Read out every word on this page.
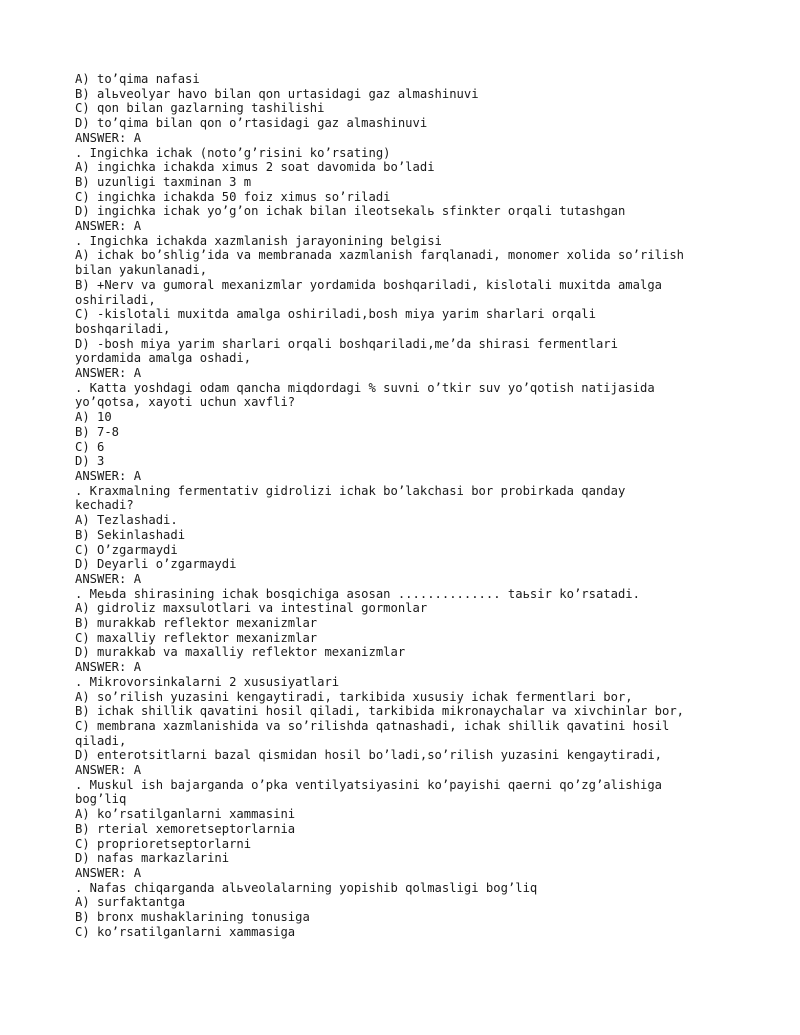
A) to’qima nafasi
B) alьveolyar havo bilan qon urtasidagi gaz almashinuvi
C) qon bilan gazlarning tashilishi
D) to’qima bilan qon o’rtasidagi gaz almashinuvi
ANSWER: A
. Ingichka ichak (noto’g’risini ko’rsating)
A) ingichka ichakda ximus 2 soat davomida bo’ladi
B) uzunligi taxminan 3 m
C) ingichka ichakda 50 foiz ximus so’riladi
D) ingichka ichak yo’g’on ichak bilan ileotsekalь sfinkter orqali tutashgan
ANSWER: A
. Ingichka ichakda xazmlanish jarayonining belgisi
A) ichak bo’shlig’ida va membranada xazmlanish farqlanadi, monomer xolida so’rilish
bilan yakunlanadi,
B) +Nerv va gumoral mexanizmlar yordamida boshqariladi, kislotali muxitda amalga
oshiriladi,
C) -kislotali muxitda amalga oshiriladi,bosh miya yarim sharlari orqali
boshqariladi,
D) -bosh miya yarim sharlari orqali boshqariladi,me’da shirasi fermentlari
yordamida amalga oshadi,
ANSWER: A
. Katta yoshdagi odam qancha miqdordagi % suvni o’tkir suv yo’qotish natijasida
yo’qotsa, xayoti uchun xavfli?
A) 10
B) 7-8
C) 6
D) 3
ANSWER: A
. Kraxmalning fermentativ gidrolizi ichak bo’lakchasi bor probirkada qanday
kechadi?
A) Tezlashadi.
B) Sekinlashadi
C) O’zgarmaydi
D) Deyarli o’zgarmaydi
ANSWER: A
. Meьda shirasining ichak bosqichiga asosan .............. taьsir ko’rsatadi.
A) gidroliz maxsulotlari va intestinal gormonlar
B) murakkab reflektor mexanizmlar
C) maxalliy reflektor mexanizmlar
D) murakkab va maxalliy reflektor mexanizmlar
ANSWER: A
. Mikrovorsinkalarni 2 xususiyatlari
A) so’rilish yuzasini kengaytiradi, tarkibida xususiy ichak fermentlari bor,
B) ichak shillik qavatini hosil qiladi, tarkibida mikronaychalar va xivchinlar bor,
C) membrana xazmlanishida va so’rilishda qatnashadi, ichak shillik qavatini hosil
qiladi,
D) enterotsitlarni bazal qismidan hosil bo’ladi,so’rilish yuzasini kengaytiradi,
ANSWER: A
. Muskul ish bajarganda o’pka ventilyatsiyasini ko’payishi qaerni qo’zg’alishiga
bog’liq
A) ko’rsatilganlarni xammasini
B) rterial xemoretseptorlarnia
C) proprioretseptorlarni
D) nafas markazlarini
ANSWER: A
. Nafas chiqarganda alьveolalarning yopishib qolmasligi bog’liq
A) surfaktantga
B) bronx mushaklarining tonusiga
C) ko’rsatilganlarni xammasiga
